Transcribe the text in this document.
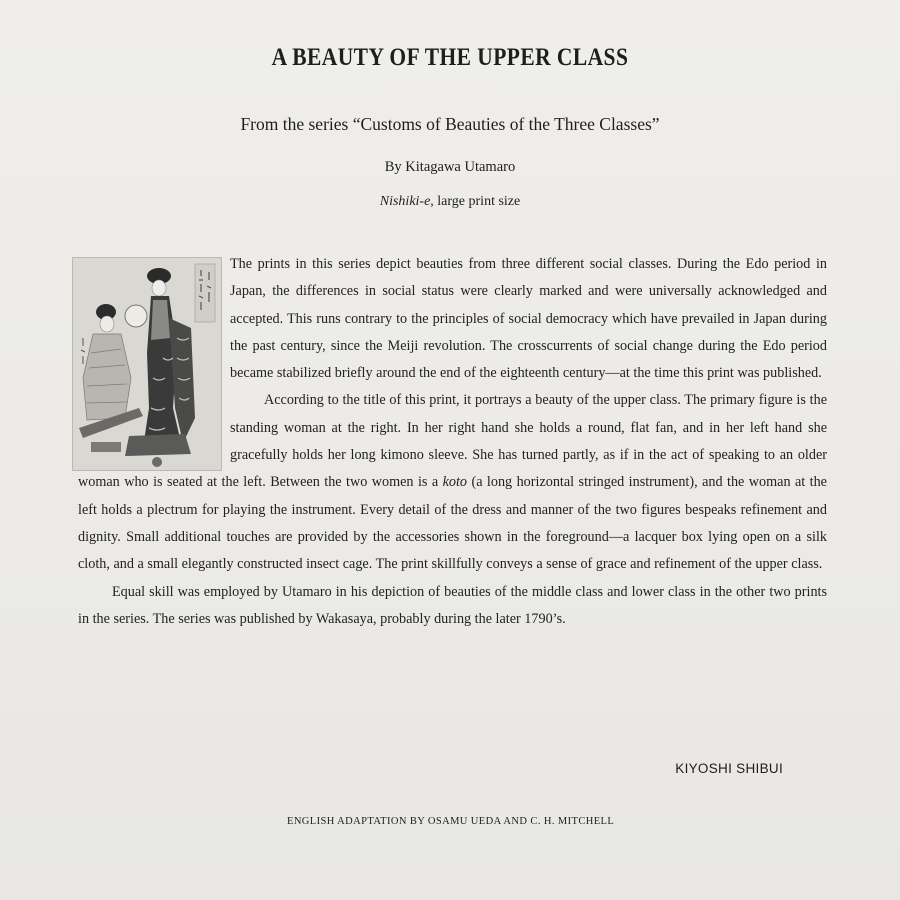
A BEAUTY OF THE UPPER CLASS
From the series “Customs of Beauties of the Three Classes”
By Kitagawa Utamaro
Nishiki-e, large print size

The prints in this series depict beauties from three different social classes. During the Edo period in Japan, the differences in social status were clearly marked and were universally acknowledged and accepted. This runs contrary to the principles of social democracy which have prevailed in Japan during the past century, since the Meiji revolution. The crosscurrents of social change during the Edo period became stabilized briefly around the end of the eighteenth century—at the time this print was published.

According to the title of this print, it portrays a beauty of the upper class. The primary figure is the standing woman at the right. In her right hand she holds a round, flat fan, and in her left hand she gracefully holds her long kimono sleeve. She has turned partly, as if in the act of speaking to an older woman who is seated at the left. Between the two women is a koto (a long horizontal stringed instrument), and the woman at the left holds a plectrum for playing the instrument. Every detail of the dress and manner of the two figures bespeaks refinement and dignity. Small additional touches are provided by the accessories shown in the foreground—a lacquer box lying open on a silk cloth, and a small elegantly constructed insect cage. The print skillfully conveys a sense of grace and refinement of the upper class.

Equal skill was employed by Utamaro in his depiction of beauties of the middle class and lower class in the other two prints in the series. The series was published by Wakasaya, probably during the later 1790’s.

KIYOSHI SHIBUI
ENGLISH ADAPTATION BY OSAMU UEDA AND C. H. MITCHELL
